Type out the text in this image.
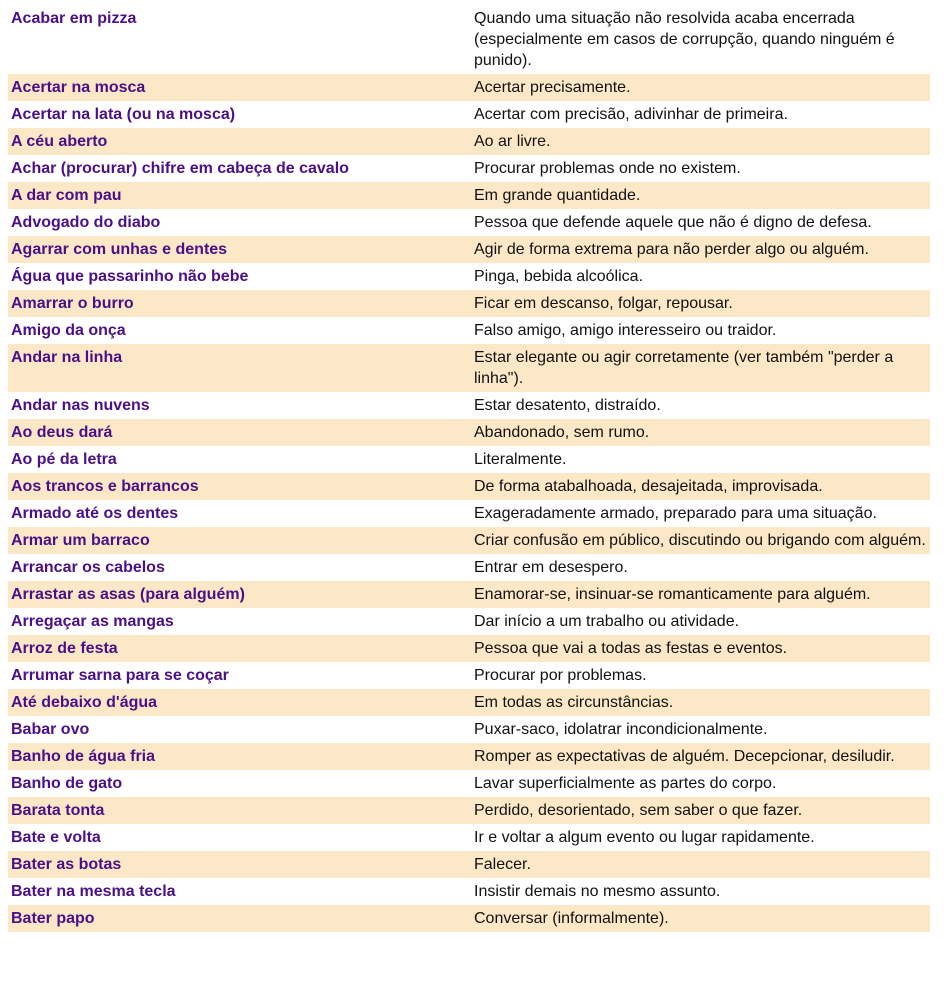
Acabar em pizza	Quando uma situação não resolvida acaba encerrada (especialmente em casos de corrupção, quando ninguém é punido).
Acertar na mosca	Acertar precisamente.
Acertar na lata (ou na mosca)	Acertar com precisão, adivinhar de primeira.
A céu aberto	Ao ar livre.
Achar (procurar) chifre em cabeça de cavalo	Procurar problemas onde no existem.
A dar com pau	Em grande quantidade.
Advogado do diabo	Pessoa que defende aquele que não é digno de defesa.
Agarrar com unhas e dentes	Agir de forma extrema para não perder algo ou alguém.
Água que passarinho não bebe	Pinga, bebida alcoólica.
Amarrar o burro	Ficar em descanso, folgar, repousar.
Amigo da onça	Falso amigo, amigo interesseiro ou traidor.
Andar na linha	Estar elegante ou agir corretamente (ver também "perder a linha").
Andar nas nuvens	Estar desatento, distraído.
Ao deus dará	Abandonado, sem rumo.
Ao pé da letra	Literalmente.
Aos trancos e barrancos	De forma atabalhoada, desajeitada, improvisada.
Armado até os dentes	Exageradamente armado, preparado para uma situação.
Armar um barraco	Criar confusão em público, discutindo ou brigando com alguém.
Arrancar os cabelos	Entrar em desespero.
Arrastar as asas (para alguém)	Enamorar-se, insinuar-se romanticamente para alguém.
Arregaçar as mangas	Dar início a um trabalho ou atividade.
Arroz de festa	Pessoa que vai a todas as festas e eventos.
Arrumar sarna para se coçar	Procurar por problemas.
Até debaixo d'água	Em todas as circunstâncias.
Babar ovo	Puxar-saco, idolatrar incondicionalmente.
Banho de água fria	Romper as expectativas de alguém. Decepcionar, desiludir.
Banho de gato	Lavar superficialmente as partes do corpo.
Barata tonta	Perdido, desorientado, sem saber o que fazer.
Bate e volta	Ir e voltar a algum evento ou lugar rapidamente.
Bater as botas	Falecer.
Bater na mesma tecla	Insistir demais no mesmo assunto.
Bater papo	Conversar (informalmente).
